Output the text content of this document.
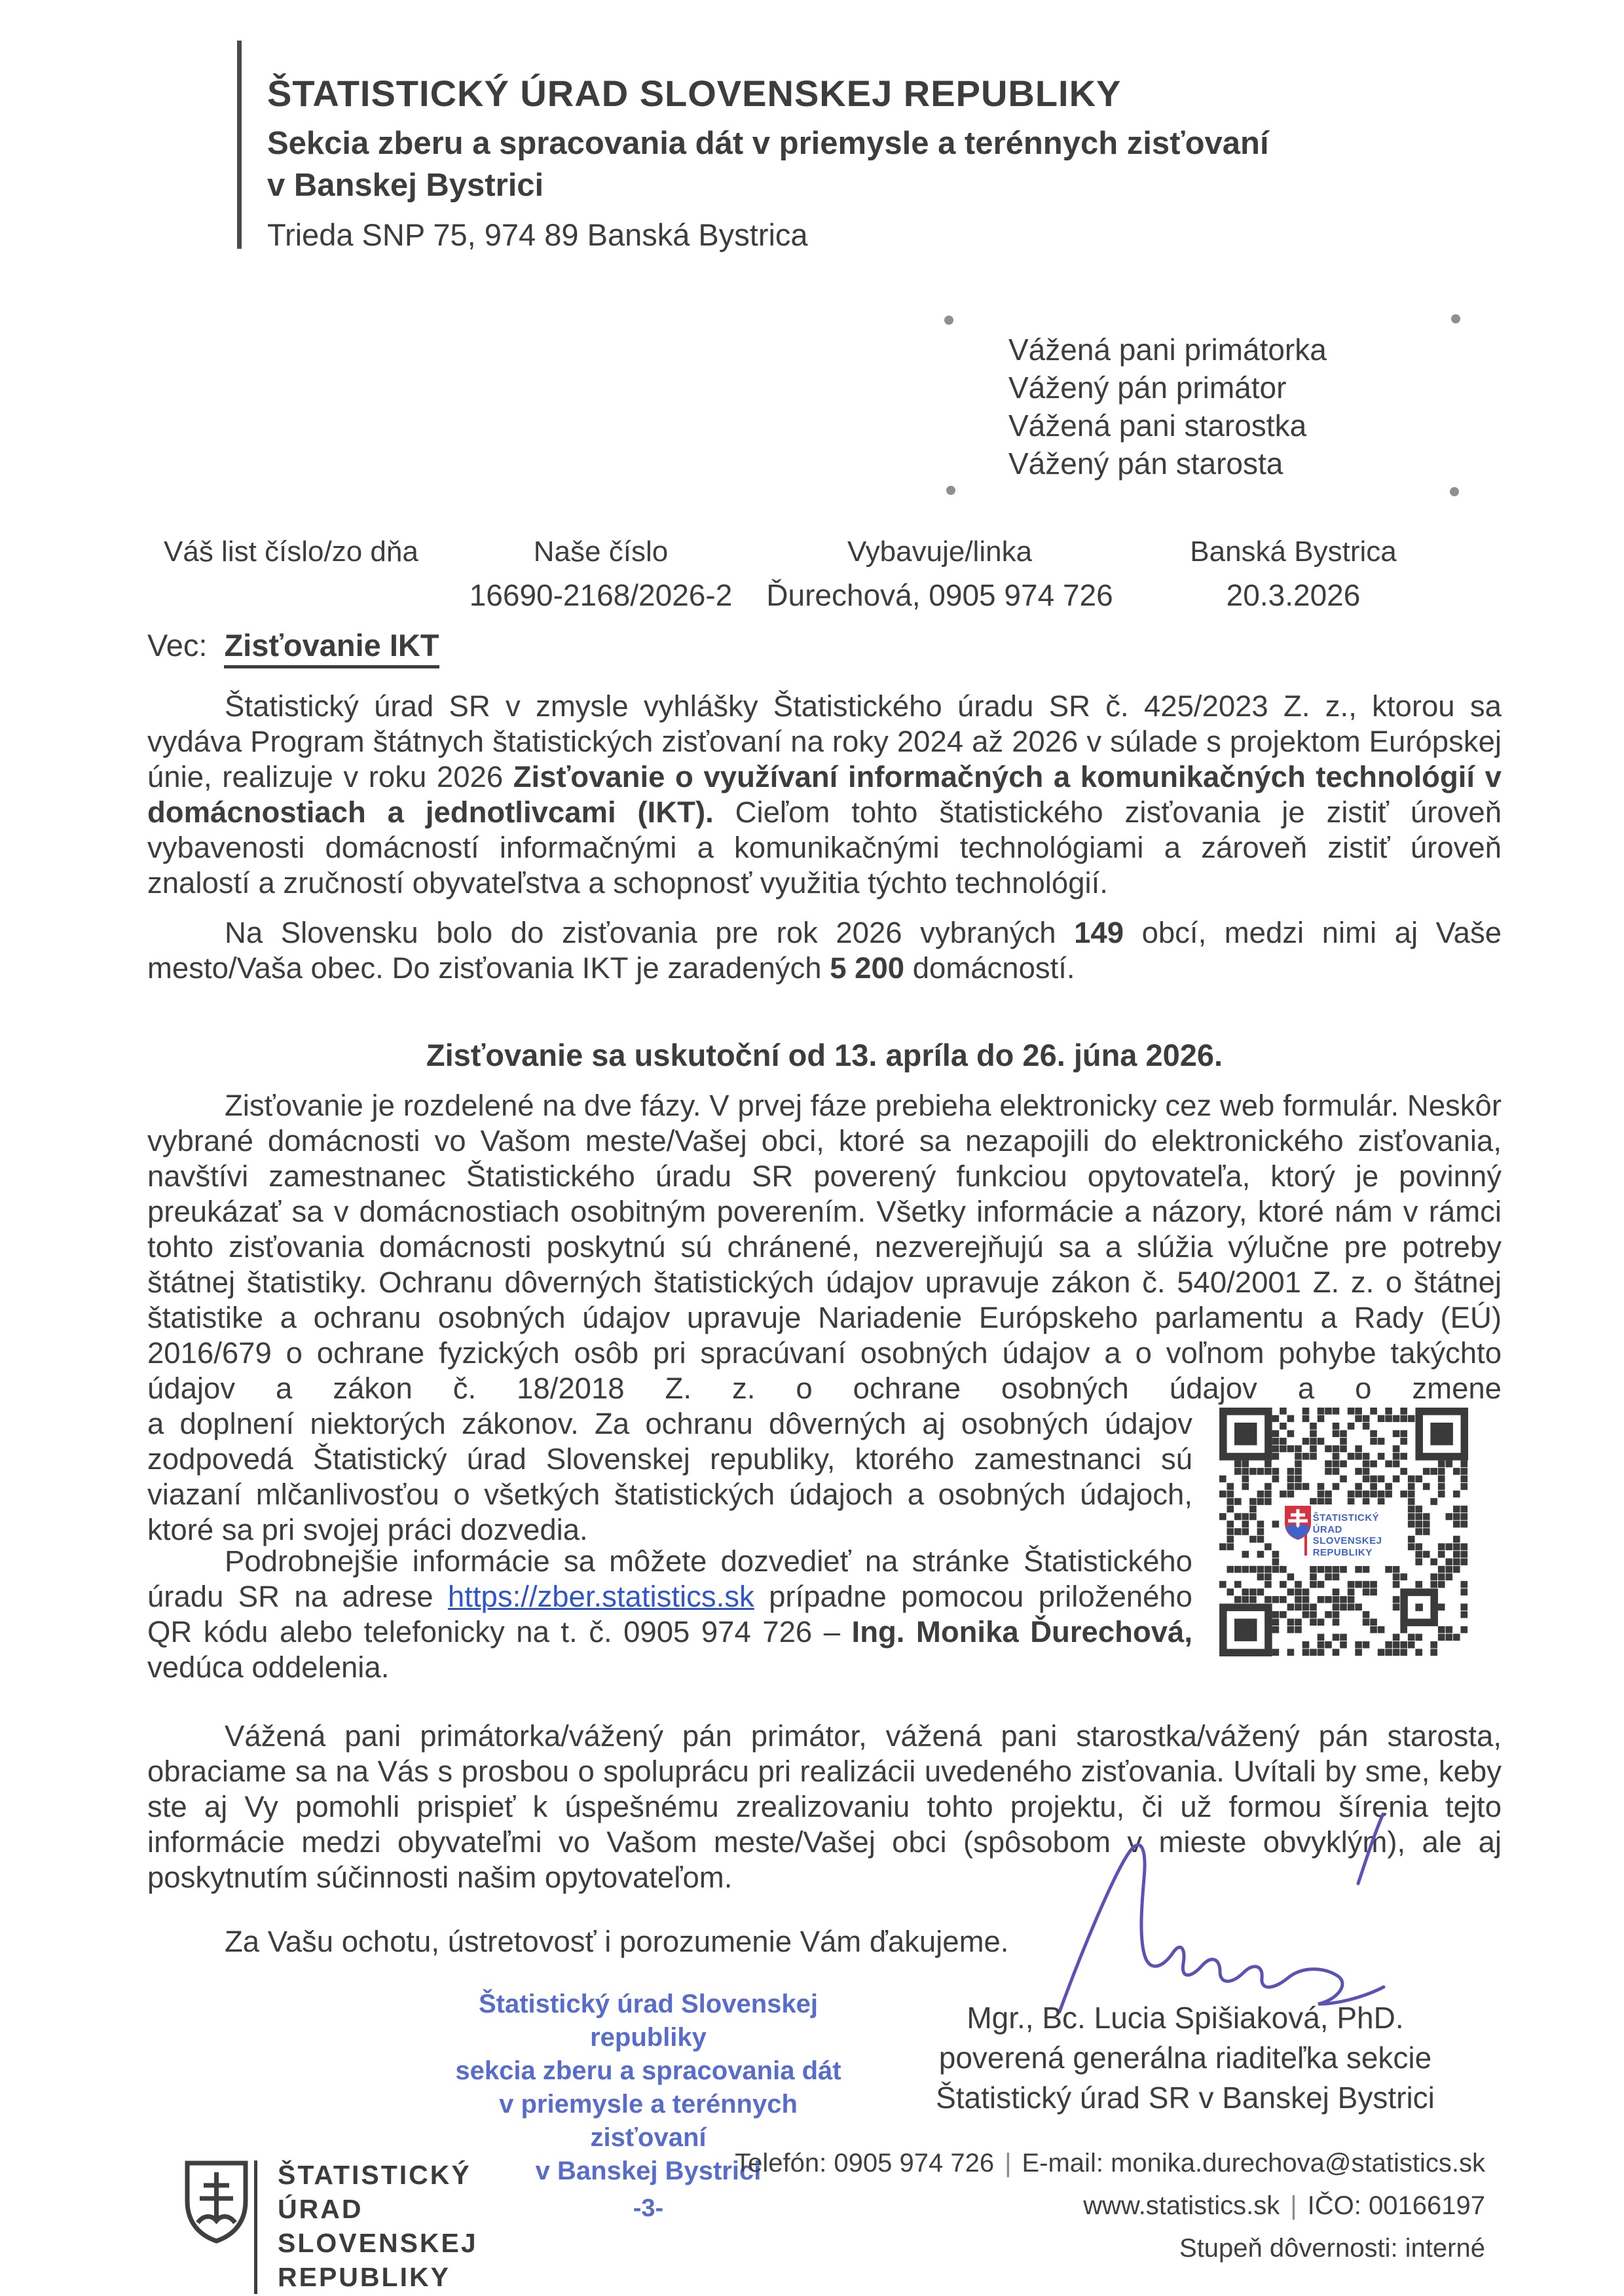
ŠTATISTICKÝ ÚRAD SLOVENSKEJ REPUBLIKY
Sekcia zberu a spracovania dát v priemysle a terénnych zisťovaní
v Banskej Bystrici
Trieda SNP 75, 974 89 Banská Bystrica
Vážená pani primátorka
Vážený pán primátor
Vážená pani starostka
Vážený pán starosta
Váš list číslo/zo dňa	Naše číslo
16690-2168/2026-2
Vybavuje/linka
Ďurechová, 0905 974 726
Banská Bystrica
20.3.2026
Vec: Zisťovanie IKT
Štatistický úrad SR v zmysle vyhlášky Štatistického úradu SR č. 425/2023 Z. z., ktorou sa vydáva Program štátnych štatistických zisťovaní na roky 2024 až 2026 v súlade s projektom Európskej únie, realizuje v roku 2026 Zisťovanie o využívaní informačných a komunikačných technológií v domácnostiach a jednotlivcami (IKT). Cieľom tohto štatistického zisťovania je zistiť úroveň vybavenosti domácností informačnými a komunikačnými technológiami a zároveň zistiť úroveň znalostí a zručností obyvateľstva a schopnosť využitia týchto technológií.
Na Slovensku bolo do zisťovania pre rok 2026 vybraných 149 obcí, medzi nimi aj Vaše mesto/Vaša obec. Do zisťovania IKT je zaradených 5 200 domácností.
Zisťovanie sa uskutoční od 13. apríla do 26. júna 2026.
Zisťovanie je rozdelené na dve fázy. V prvej fáze prebieha elektronicky cez web formulár. Neskôr vybrané domácnosti vo Vašom meste/Vašej obci, ktoré sa nezapojili do elektronického zisťovania, navštívi zamestnanec Štatistického úradu SR poverený funkciou opytovateľa, ktorý je povinný preukázať sa v domácnostiach osobitným poverením. Všetky informácie a názory, ktoré nám v rámci tohto zisťovania domácnosti poskytnú sú chránené, nezverejňujú sa a slúžia výlučne pre potreby štátnej štatistiky. Ochranu dôverných štatistických údajov upravuje zákon č. 540/2001 Z. z. o štátnej štatistike a ochranu osobných údajov upravuje Nariadenie Európskeho parlamentu a Rady (EÚ) 2016/679 o ochrane fyzických osôb pri spracúvaní osobných údajov a o voľnom pohybe takýchto údajov a zákon č. 18/2018 Z. z. o ochrane osobných údajov a o zmene
a doplnení niektorých zákonov. Za ochranu dôverných aj osobných údajov zodpovedá Štatistický úrad Slovenskej republiky, ktorého zamestnanci sú viazaní mlčanlivosťou o všetkých štatistických údajoch a osobných údajoch, ktoré sa pri svojej práci dozvedia.
Podrobnejšie informácie sa môžete dozvedieť na stránke Štatistického úradu SR na adrese https://zber.statistics.sk prípadne pomocou priloženého QR kódu alebo telefonicky na t. č. 0905 974 726 – Ing. Monika Ďurechová, vedúca oddelenia.
Vážená pani primátorka/vážený pán primátor, vážená pani starostka/vážený pán starosta, obraciame sa na Vás s prosbou o spoluprácu pri realizácii uvedeného zisťovania. Uvítali by sme, keby ste aj Vy pomohli prispieť k úspešnému zrealizovaniu tohto projektu, či už formou šírenia tejto informácie medzi obyvateľmi vo Vašom meste/Vašej obci (spôsobom v mieste obvyklým), ale aj poskytnutím súčinnosti našim opytovateľom.
Za Vašu ochotu, ústretovosť i porozumenie Vám ďakujeme.
ŠTATISTICKÝ
ÚRAD
SLOVENSKEJ
REPUBLIKY
Štatistický úrad Slovenskej republiky
sekcia zberu a spracovania dát
v priemysle a terénnych zisťovaní
v Banskej Bystrici
-3-
Mgr., Bc. Lucia Spišiaková, PhD.
poverená generálna riaditeľka sekcie
Štatistický úrad SR v Banskej Bystrici
ŠTATISTICKÝ
ÚRAD
SLOVENSKEJ
REPUBLIKY
Telefón: 0905 974 726 | E-mail: monika.durechova@statistics.sk
www.statistics.sk | IČO: 00166197
Stupeň dôvernosti: interné
